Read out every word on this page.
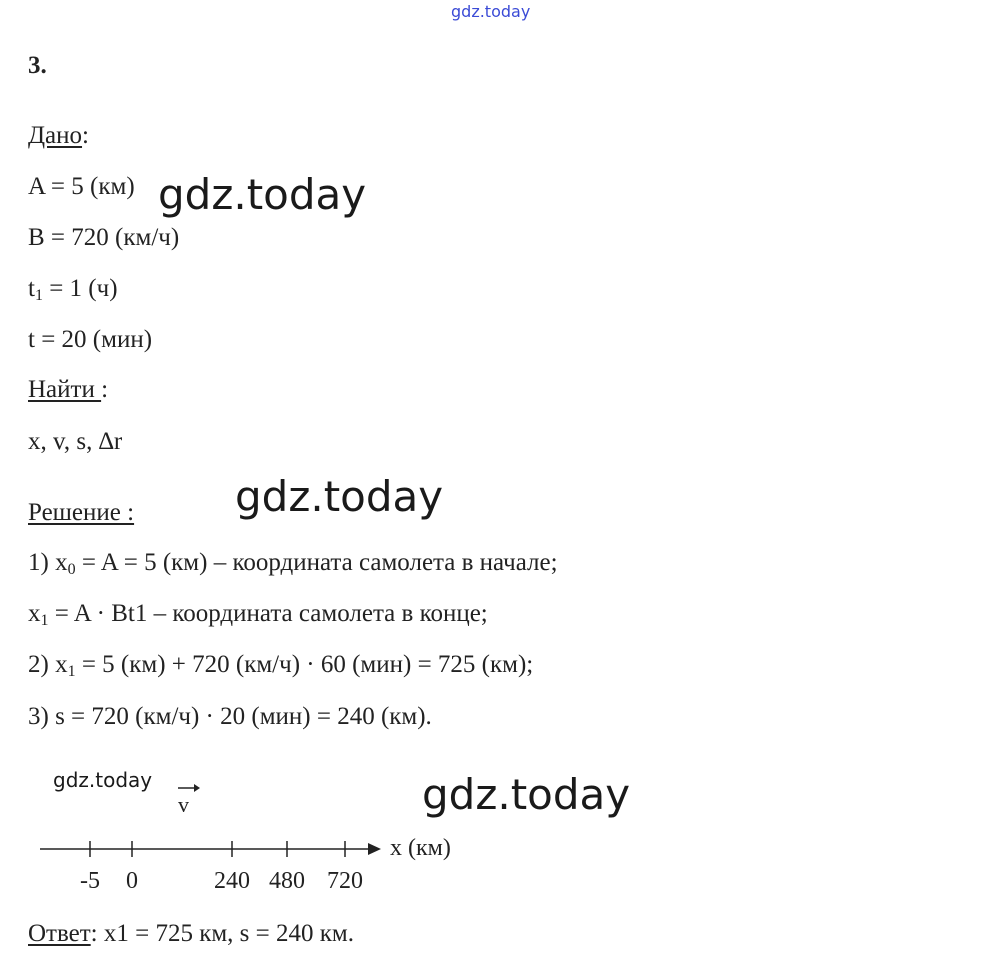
gdz.today
gdz.today
gdz.today
gdz.today	gdz.today
3.
Дано:
A = 5 (км)
B = 720 (км/ч)
$t_1 = 1$ (ч)
t = 20 (мин)
Найти :
x, v, s, ∆r
Решение :
1) $x_0 = A = 5$ (км) – координата самолета в начале;
$x_1 = A \cdot Bt1$ – координата самолета в конце;
2) $x_1 = 5$ (км) + 720 (км/ч) · 60 (мин) = 725 (км);
3) s = 720 (км/ч) · 20 (мин) = 240 (км).
v
x (км)
-5 0	240 480 720
Ответ: x1 = 725 км, s = 240 км.
